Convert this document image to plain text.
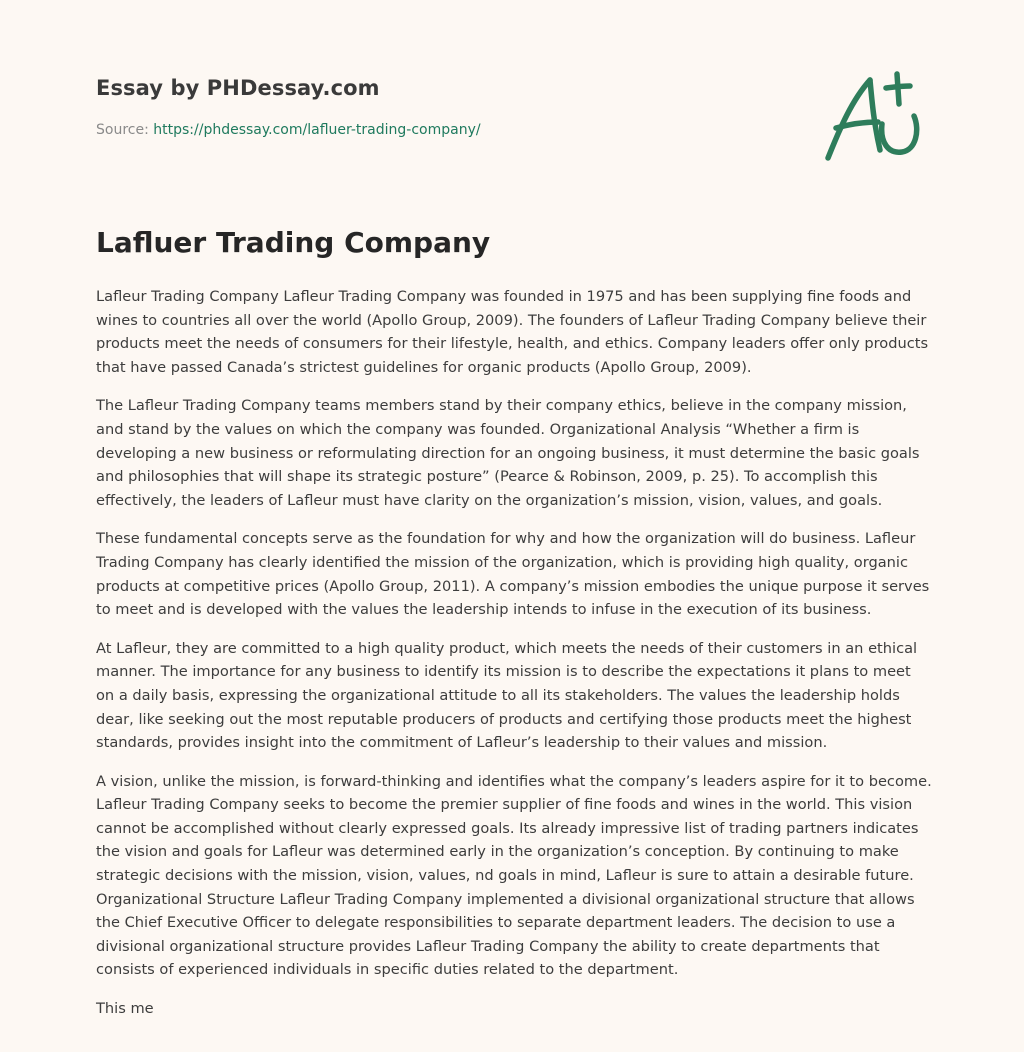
Essay by PHDessay.com
Source: https://phdessay.com/lafluer-trading-company/
Lafluer Trading Company

Lafleur Trading Company Lafleur Trading Company was founded in 1975 and has been supplying fine foods and wines to countries all over the world (Apollo Group, 2009). The founders of Lafleur Trading Company believe their products meet the needs of consumers for their lifestyle, health, and ethics. Company leaders offer only products that have passed Canada’s strictest guidelines for organic products (Apollo Group, 2009).

The Lafleur Trading Company teams members stand by their company ethics, believe in the company mission, and stand by the values on which the company was founded. Organizational Analysis “Whether a firm is developing a new business or reformulating direction for an ongoing business, it must determine the basic goals and philosophies that will shape its strategic posture” (Pearce & Robinson, 2009, p. 25). To accomplish this effectively, the leaders of Lafleur must have clarity on the organization’s mission, vision, values, and goals.

These fundamental concepts serve as the foundation for why and how the organization will do business. Lafleur Trading Company has clearly identified the mission of the organization, which is providing high quality, organic products at competitive prices (Apollo Group, 2011). A company’s mission embodies the unique purpose it serves to meet and is developed with the values the leadership intends to infuse in the execution of its business.

At Lafleur, they are committed to a high quality product, which meets the needs of their customers in an ethical manner. The importance for any business to identify its mission is to describe the expectations it plans to meet on a daily basis, expressing the organizational attitude to all its stakeholders. The values the leadership holds dear, like seeking out the most reputable producers of products and certifying those products meet the highest standards, provides insight into the commitment of Lafleur’s leadership to their values and mission.

A vision, unlike the mission, is forward-thinking and identifies what the company’s leaders aspire for it to become. Lafleur Trading Company seeks to become the premier supplier of fine foods and wines in the world. This vision cannot be accomplished without clearly expressed goals. Its already impressive list of trading partners indicates the vision and goals for Lafleur was determined early in the organization’s conception. By continuing to make strategic decisions with the mission, vision, values, nd goals in mind, Lafleur is sure to attain a desirable future. Organizational Structure Lafleur Trading Company implemented a divisional organizational structure that allows the Chief Executive Officer to delegate responsibilities to separate department leaders. The decision to use a divisional organizational structure provides Lafleur Trading Company the ability to create departments that consists of experienced individuals in specific duties related to the department.

This me
